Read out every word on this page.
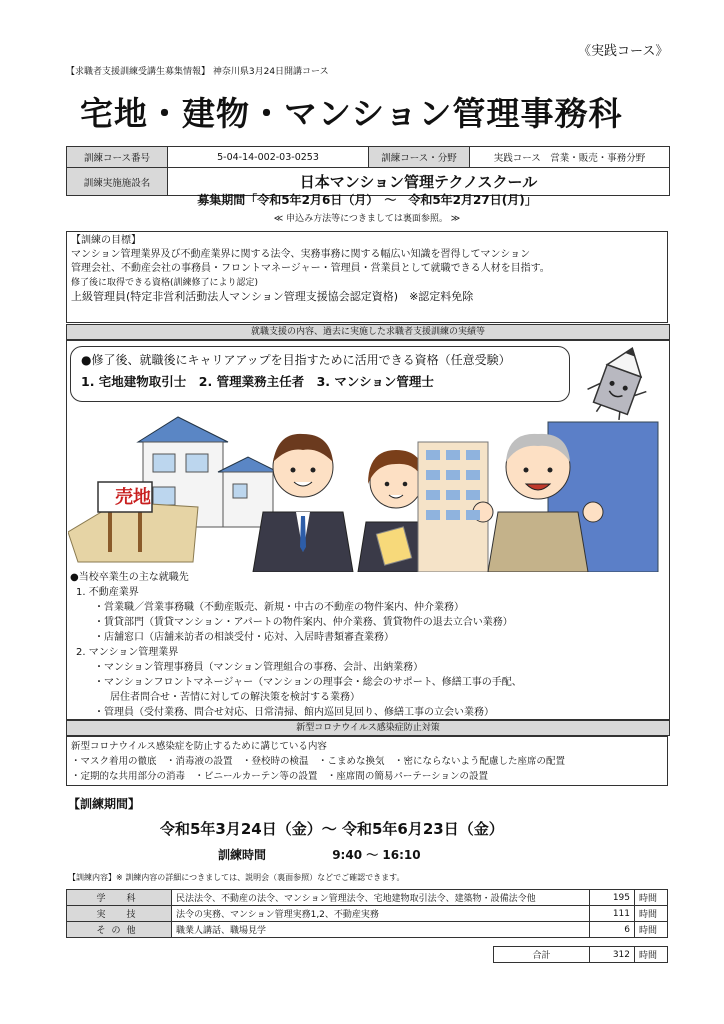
《実践コース》
【求職者支援訓練受講生募集情報】 神奈川県3月24日開講コース
宅地・建物・マンション管理事務科
訓練コース番号	5-04-14-002-03-0253	訓練コース・分野	実践コース　営業・販売・事務分野
訓練実施施設名	日本マンション管理テクノスクール
募集期間「令和5年2月6日（月）　～　令和5年2月27日(月)」
≪ 申込み方法等につきましては裏面参照。 ≫
【訓練の目標】
マンション管理業界及び不動産業界に関する法令、実務事務に関する幅広い知識を習得してマンション
管理会社、不動産会社の事務員・フロントマネージャー・管理員・営業員として就職できる人材を目指す。
修了後に取得できる資格(訓練修了により認定)
上級管理員(特定非営利活動法人マンション管理支援協会認定資格)　※認定料免除
就職支援の内容、過去に実施した求職者支援訓練の実績等
●修了後、就職後にキャリアアップを目指すために活用できる資格（任意受験）
1. 宅地建物取引士　2. 管理業務主任者　3. マンション管理士
売地
●当校卒業生の主な就職先
1. 不動産業界
・営業職／営業事務職（不動産販売、新規・中古の不動産の物件案内、仲介業務）
・賃貸部門（賃貸マンション・アパートの物件案内、仲介業務、賃貸物件の退去立合い業務）
・店舗窓口（店舗来訪者の相談受付・応対、入居時書類審査業務）
2. マンション管理業界
・マンション管理事務員（マンション管理組合の事務、会計、出納業務）
・マンションフロントマネージャー（マンションの理事会・総会のサポート、修繕工事の手配、
居住者問合せ・苦情に対しての解決策を検討する業務）
・管理員（受付業務、問合せ対応、日常清掃、館内巡回見回り、修繕工事の立会い業務）
新型コロナウイルス感染症防止対策
新型コロナウイルス感染症を防止するために講じている内容
・マスク着用の徹底　・消毒液の設置　・登校時の検温　・こまめな換気　・密にならないよう配慮した座席の配置
・定期的な共用部分の消毒　・ビニールカーテン等の設置　・座席間の簡易パーテーションの設置
【訓練期間】
令和5年3月24日（金）～ 令和5年6月23日（金）
訓練時間	9:40 ～ 16:10
【訓練内容】※ 訓練内容の詳細につきましては、説明会（裏面参照）などでご確認できます。
学　科	民法法令、不動産の法令、マンション管理法令、宅地建物取引法令、建築物・設備法令他	195	時間
実　技	法令の実務、マンション管理実務1,2、不動産実務	111	時間
その他	職業人講話、職場見学	6	時間
合計	312	時間
